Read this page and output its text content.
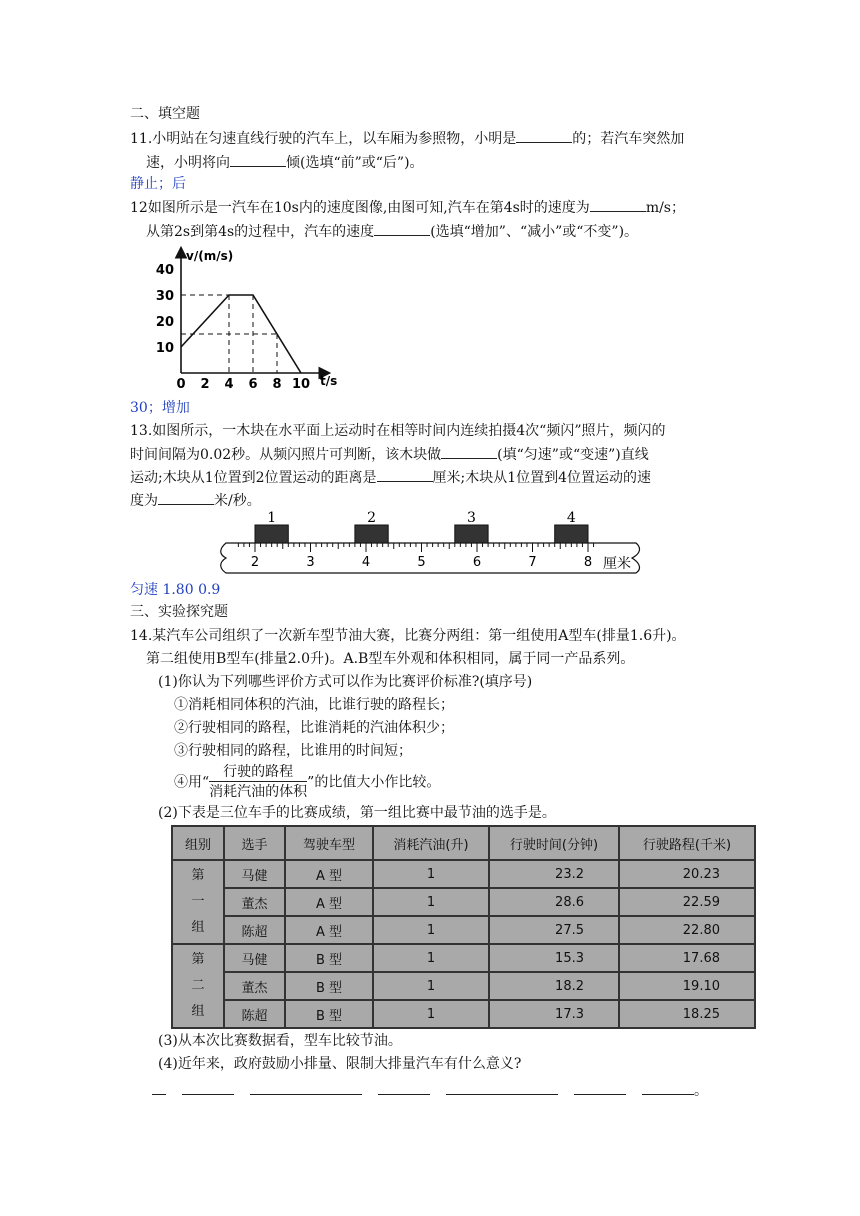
二、填空题
11.小明站在匀速直线行驶的汽车上，以车厢为参照物，小明是	的；若汽车突然加
速，小明将向	倾(选填“前”或“后”)。
静止；后
12如图所示是一汽车在10s内的速度图像,由图可知,汽车在第4s时的速度为	m/s；
从第2s到第4s的过程中，汽车的速度	(选填“增加”、“减小”或“不变”)。
0 2 4 6 8 10
10
20
30
40
v/(m/s)
t/s
30；增加
13.如图所示，一木块在水平面上运动时在相等时间内连续拍摄4次“频闪”照片，频闪的
时间间隔为0.02秒。从频闪照片可判断，该木块做	(填“匀速”或“变速”)直线
运动;木块从1位置到2位置运动的距离是	厘米;木块从1位置到4位置运动的速
度为	米/秒。
2	3	4	5	6	7	8
1	2	3	4
厘米
匀速 1.80 0.9
三、实验探究题
14.某汽车公司组织了一次新车型节油大赛，比赛分两组：第一组使用A型车(排量1.6升)。
第二组使用B型车(排量2.0升)。A.B型车外观和体积相同，属于同一产品系列。
(1)你认为下列哪些评价方式可以作为比赛评价标准?(填序号)
①消耗相同体积的汽油，比谁行驶的路程长；
②行驶相同的路程，比谁消耗的汽油体积少；
③行驶相同的路程，比谁用的时间短；
④用“ $\frac{\text{行驶的路程}}{\text{消耗汽油的体积}}$ ”的比值大小作比较。
(2)下表是三位车手的比赛成绩，第一组比赛中最节油的选手是。
组别	选手	驾驶车型	消耗汽油(升)	行驶时间(分钟)	行驶路程(千米)
第
一
组	马健	A 型	1	23.2	20.23
	董杰	A 型	1	28.6	22.59
	陈超	A 型	1	27.5	22.80
第
二
组	马健	B 型	1	15.3	17.68
	董杰	B 型	1	18.2	19.10
	陈超	B 型	1	17.3	18.25
(3)从本次比赛数据看，型车比较节油。
(4)近年来，政府鼓励小排量、限制大排量汽车有什么意义?
。
